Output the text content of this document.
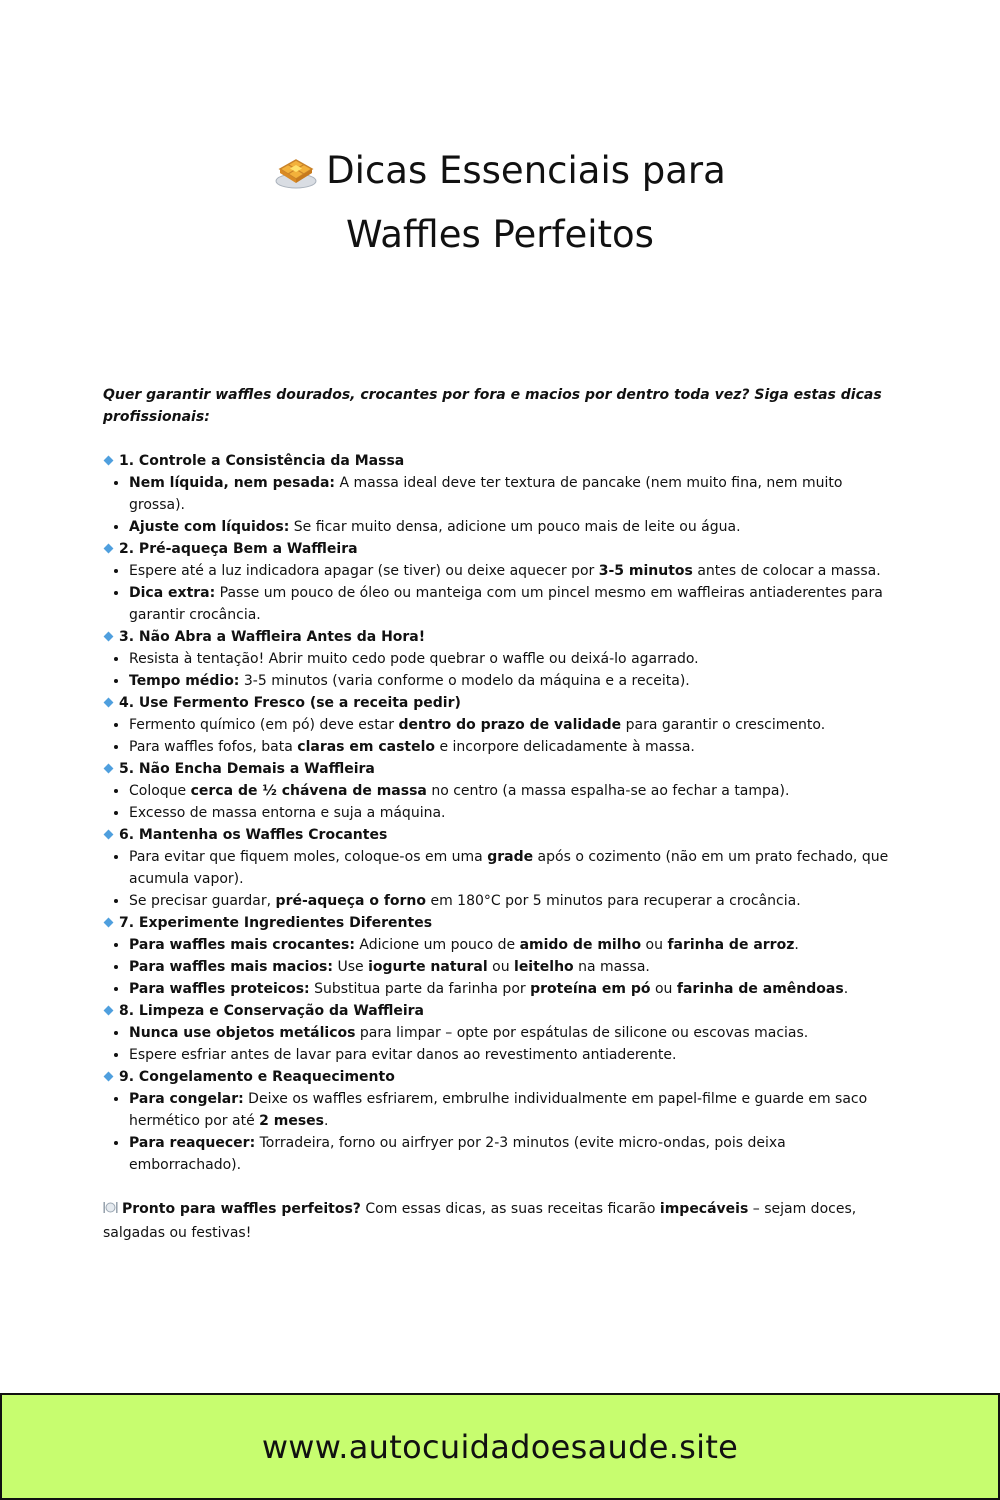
Dicas Essenciais para
Waffles Perfeitos

Quer garantir waffles dourados, crocantes por fora e macios por dentro toda vez? Siga estas dicas profissionais:

1. Controle a Consistência da Massa
• Nem líquida, nem pesada: A massa ideal deve ter textura de pancake (nem muito fina, nem muito grossa).
• Ajuste com líquidos: Se ficar muito densa, adicione um pouco mais de leite ou água.
2. Pré-aqueça Bem a Waffleira
• Espere até a luz indicadora apagar (se tiver) ou deixe aquecer por 3-5 minutos antes de colocar a massa.
• Dica extra: Passe um pouco de óleo ou manteiga com um pincel mesmo em waffleiras antiaderentes para garantir crocância.
3. Não Abra a Waffleira Antes da Hora!
• Resista à tentação! Abrir muito cedo pode quebrar o waffle ou deixá-lo agarrado.
• Tempo médio: 3-5 minutos (varia conforme o modelo da máquina e a receita).
4. Use Fermento Fresco (se a receita pedir)
• Fermento químico (em pó) deve estar dentro do prazo de validade para garantir o crescimento.
• Para waffles fofos, bata claras em castelo e incorpore delicadamente à massa.
5. Não Encha Demais a Waffleira
• Coloque cerca de ½ chávena de massa no centro (a massa espalha-se ao fechar a tampa).
• Excesso de massa entorna e suja a máquina.
6. Mantenha os Waffles Crocantes
• Para evitar que fiquem moles, coloque-os em uma grade após o cozimento (não em um prato fechado, que acumula vapor).
• Se precisar guardar, pré-aqueça o forno em 180°C por 5 minutos para recuperar a crocância.
7. Experimente Ingredientes Diferentes
• Para waffles mais crocantes: Adicione um pouco de amido de milho ou farinha de arroz.
• Para waffles mais macios: Use iogurte natural ou leitelho na massa.
• Para waffles proteicos: Substitua parte da farinha por proteína em pó ou farinha de amêndoas.
8. Limpeza e Conservação da Waffleira
• Nunca use objetos metálicos para limpar – opte por espátulas de silicone ou escovas macias.
• Espere esfriar antes de lavar para evitar danos ao revestimento antiaderente.
9. Congelamento e Reaquecimento
• Para congelar: Deixe os waffles esfriarem, embrulhe individualmente em papel-filme e guarde em saco hermético por até 2 meses.
• Para reaquecer: Torradeira, forno ou airfryer por 2-3 minutos (evite micro-ondas, pois deixa emborrachado).

Pronto para waffles perfeitos? Com essas dicas, as suas receitas ficarão impecáveis – sejam doces, salgadas ou festivas!

www.autocuidadoesaude.site
